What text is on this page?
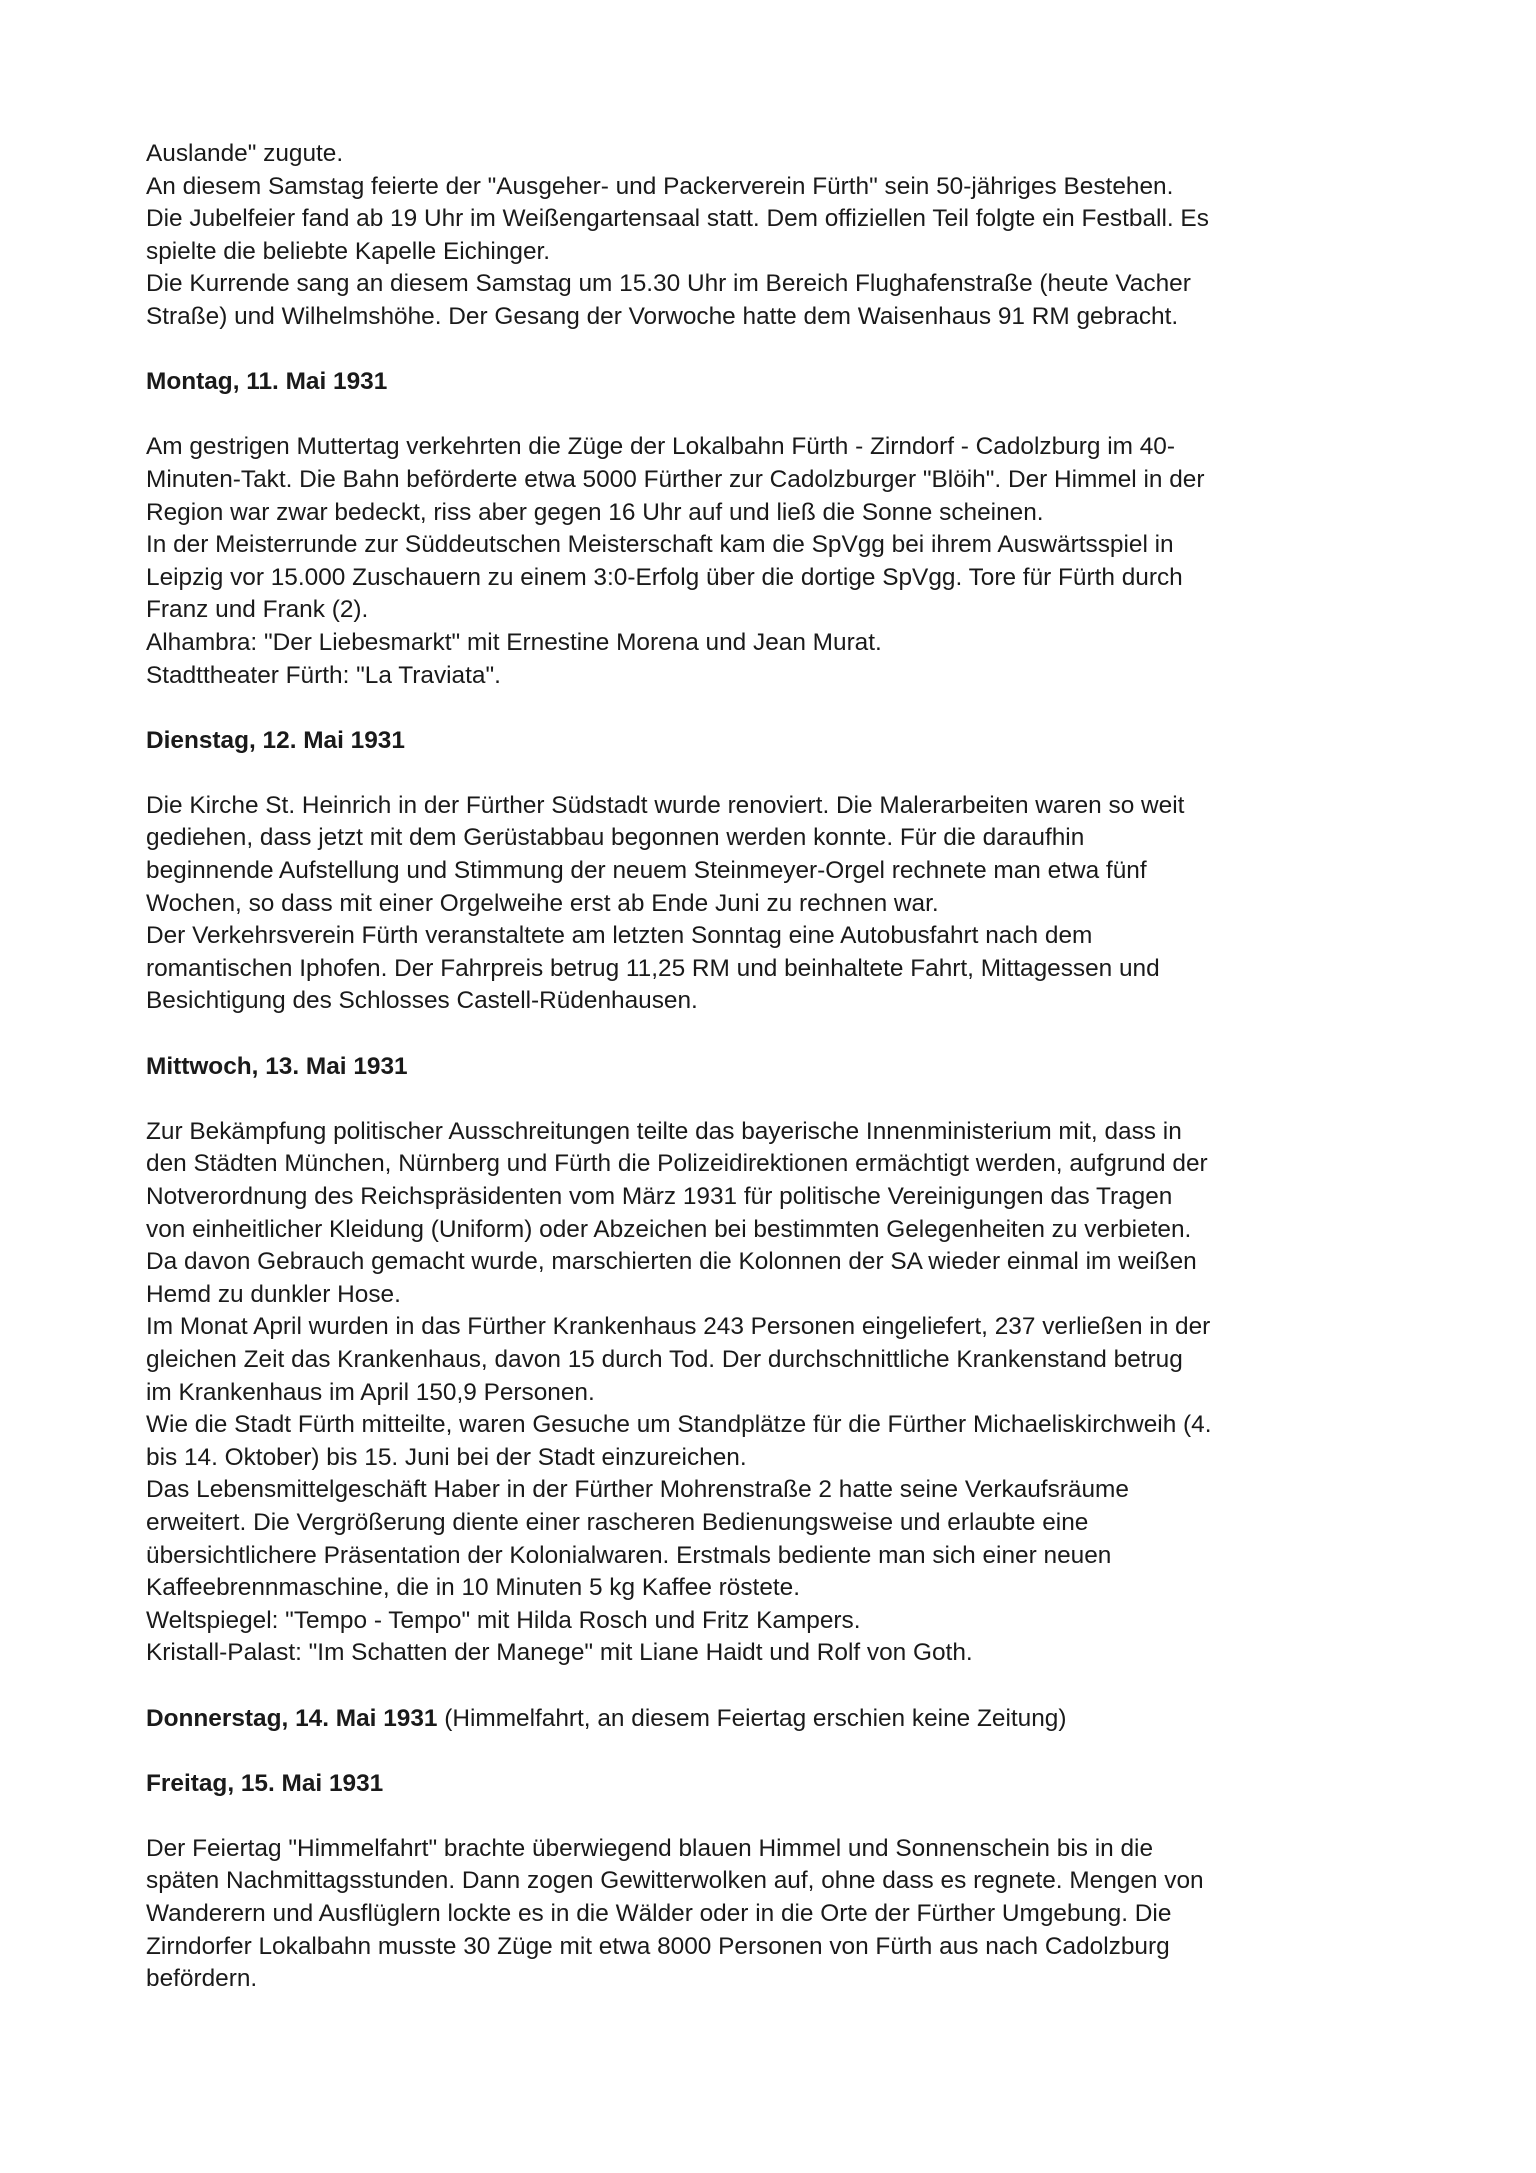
Auslande" zugute.
An diesem Samstag feierte der "Ausgeher- und Packerverein Fürth" sein 50-jähriges Bestehen.
Die Jubelfeier fand ab 19 Uhr im Weißengartensaal statt. Dem offiziellen Teil folgte ein Festball. Es
spielte die beliebte Kapelle Eichinger.
Die Kurrende sang an diesem Samstag um 15.30 Uhr im Bereich Flughafenstraße (heute Vacher
Straße) und Wilhelmshöhe. Der Gesang der Vorwoche hatte dem Waisenhaus 91 RM gebracht.
Montag, 11. Mai 1931
Am gestrigen Muttertag verkehrten die Züge der Lokalbahn Fürth - Zirndorf - Cadolzburg im 40-
Minuten-Takt. Die Bahn beförderte etwa 5000 Fürther zur Cadolzburger "Blöih". Der Himmel in der
Region war zwar bedeckt, riss aber gegen 16 Uhr auf und ließ die Sonne scheinen.
In der Meisterrunde zur Süddeutschen Meisterschaft kam die SpVgg bei ihrem Auswärtsspiel in
Leipzig vor 15.000 Zuschauern zu einem 3:0-Erfolg über die dortige SpVgg. Tore für Fürth durch
Franz und Frank (2).
Alhambra: "Der Liebesmarkt" mit Ernestine Morena und Jean Murat.
Stadttheater Fürth: "La Traviata".
Dienstag, 12. Mai 1931
Die Kirche St. Heinrich in der Fürther Südstadt wurde renoviert. Die Malerarbeiten waren so weit
gediehen, dass jetzt mit dem Gerüstabbau begonnen werden konnte. Für die daraufhin
beginnende Aufstellung und Stimmung der neuem Steinmeyer-Orgel rechnete man etwa fünf
Wochen, so dass mit einer Orgelweihe erst ab Ende Juni zu rechnen war.
Der Verkehrsverein Fürth veranstaltete am letzten Sonntag eine Autobusfahrt nach dem
romantischen Iphofen. Der Fahrpreis betrug 11,25 RM und beinhaltete Fahrt, Mittagessen und
Besichtigung des Schlosses Castell-Rüdenhausen.
Mittwoch, 13. Mai 1931
Zur Bekämpfung politischer Ausschreitungen teilte das bayerische Innenministerium mit, dass in
den Städten München, Nürnberg und Fürth die Polizeidirektionen ermächtigt werden, aufgrund der
Notverordnung des Reichspräsidenten vom März 1931 für politische Vereinigungen das Tragen
von einheitlicher Kleidung (Uniform) oder Abzeichen bei bestimmten Gelegenheiten zu verbieten.
Da davon Gebrauch gemacht wurde, marschierten die Kolonnen der SA wieder einmal im weißen
Hemd zu dunkler Hose.
Im Monat April wurden in das Fürther Krankenhaus 243 Personen eingeliefert, 237 verließen in der
gleichen Zeit das Krankenhaus, davon 15 durch Tod. Der durchschnittliche Krankenstand betrug
im Krankenhaus im April 150,9 Personen.
Wie die Stadt Fürth mitteilte, waren Gesuche um Standplätze für die Fürther Michaeliskirchweih (4.
bis 14. Oktober) bis 15. Juni bei der Stadt einzureichen.
Das Lebensmittelgeschäft Haber in der Fürther Mohrenstraße 2 hatte seine Verkaufsräume
erweitert. Die Vergrößerung diente einer rascheren Bedienungsweise und erlaubte eine
übersichtlichere Präsentation der Kolonialwaren. Erstmals bediente man sich einer neuen
Kaffeebrennmaschine, die in 10 Minuten 5 kg Kaffee röstete.
Weltspiegel: "Tempo - Tempo" mit Hilda Rosch und Fritz Kampers.
Kristall-Palast: "Im Schatten der Manege" mit Liane Haidt und Rolf von Goth.
Donnerstag, 14. Mai 1931 (Himmelfahrt, an diesem Feiertag erschien keine Zeitung)
Freitag, 15. Mai 1931
Der Feiertag "Himmelfahrt" brachte überwiegend blauen Himmel und Sonnenschein bis in die
späten Nachmittagsstunden. Dann zogen Gewitterwolken auf, ohne dass es regnete. Mengen von
Wanderern und Ausflüglern lockte es in die Wälder oder in die Orte der Fürther Umgebung. Die
Zirndorfer Lokalbahn musste 30 Züge mit etwa 8000 Personen von Fürth aus nach Cadolzburg
befördern.
